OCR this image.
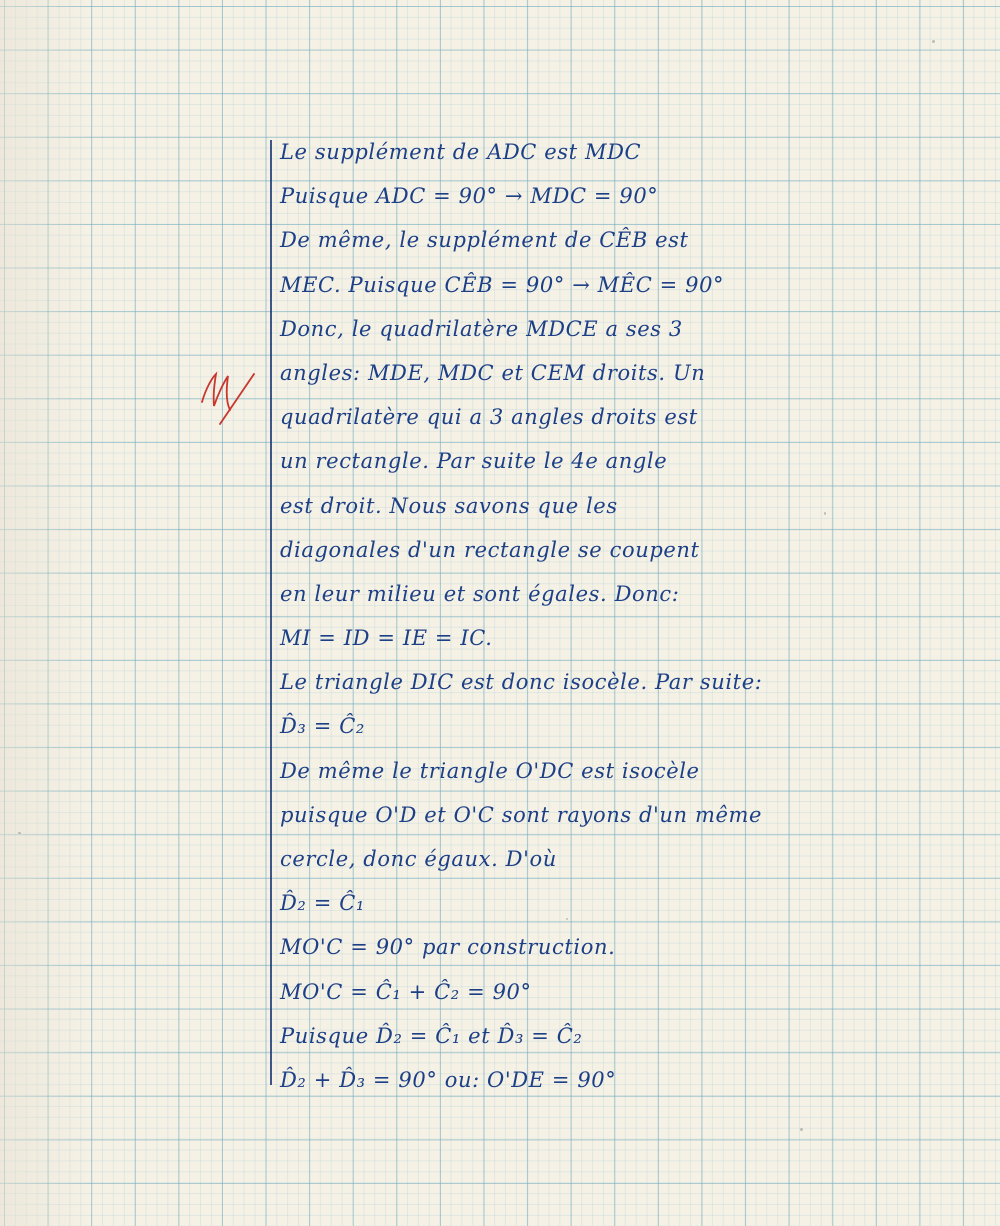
Le supplément de ADC est MDC
Puisque ADC = 90° → MDC = 90°
De même, le supplément de CÊB est
MEC. Puisque CÊB = 90° → MÊC = 90°
Donc, le quadrilatère MDCE a ses 3
angles: MDE, MDC et CEM droits. Un
quadrilatère qui a 3 angles droits est
un rectangle. Par suite le 4e angle
est droit. Nous savons que les
diagonales d'un rectangle se coupent
en leur milieu et sont égales. Donc:
MI = ID = IE = IC.
Le triangle DIC est donc isocèle. Par suite:
D̂₃ = Ĉ₂
De même le triangle O'DC est isocèle
puisque O'D et O'C sont rayons d'un même
cercle, donc égaux. D'où
D̂₂ = Ĉ₁
MO'C = 90° par construction.
MO'C = Ĉ₁ + Ĉ₂ = 90°
Puisque D̂₂ = Ĉ₁ et D̂₃ = Ĉ₂
D̂₂ + D̂₃ = 90° ou: O'DE = 90°
